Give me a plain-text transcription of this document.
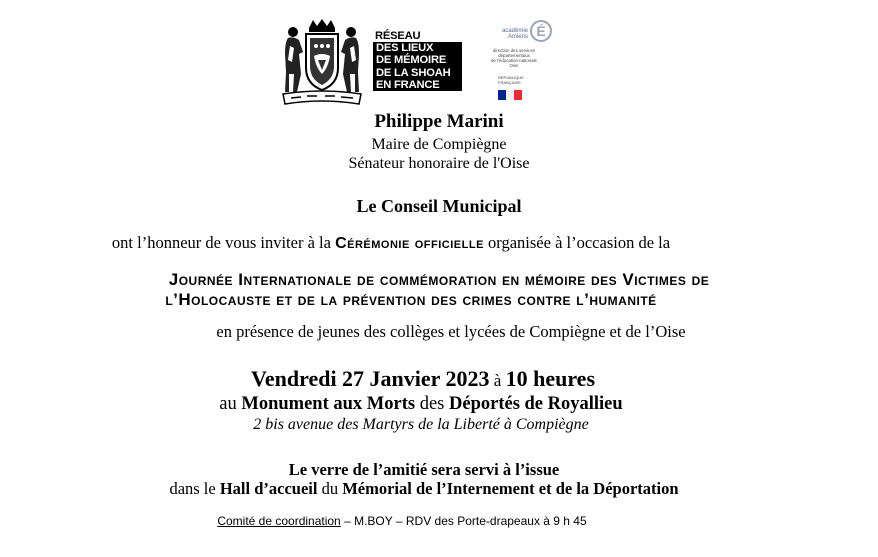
RÉSEAU
DES LIEUX
DE MÉMOIRE
DE LA SHOAH
EN FRANCE
académie
Amiens É
direction des services
départementaux
de l'éducation nationale
Oise
RÉPUBLIQUE
FRANÇAISE
Philippe Marini
Maire de Compiègne
Sénateur honoraire de l'Oise
Le Conseil Municipal
ont l’honneur de vous inviter à la Cérémonie officielle organisée à l’occasion de la
Journée Internationale de commémoration en mémoire des Victimes de
l’Holocauste et de la prévention des crimes contre l’humanité
en présence de jeunes des collèges et lycées de Compiègne et de l’Oise
Vendredi 27 Janvier 2023 à 10 heures
au Monument aux Morts des Déportés de Royallieu
2 bis avenue des Martyrs de la Liberté à Compiègne
Le verre de l’amitié sera servi à l’issue
dans le Hall d’accueil du Mémorial de l’Internement et de la Déportation
Comité de coordination – M.BOY – RDV des Porte-drapeaux à 9 h 45
